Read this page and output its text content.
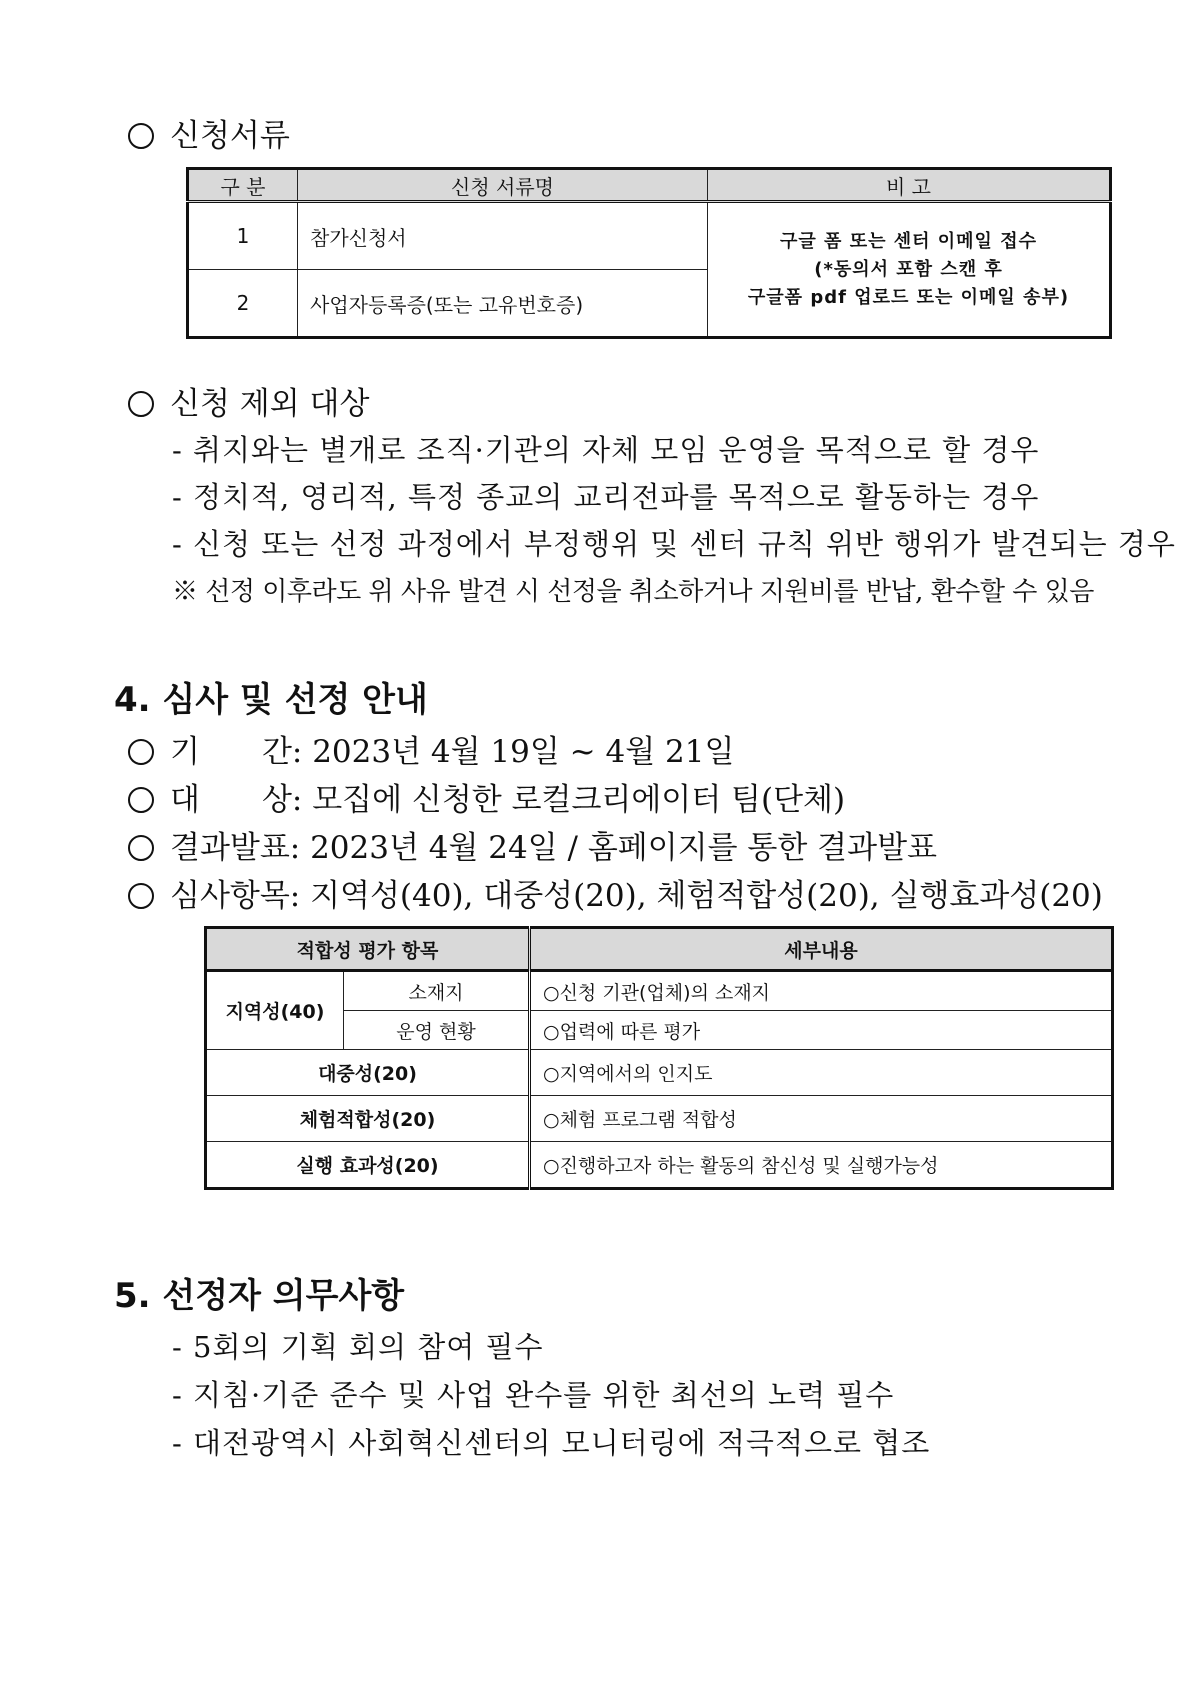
신청서류
구 분	신청 서류명	비 고
1	참가신청서	구글 폼 또는 센터 이메일 접수
(*동의서 포함 스캔 후
구글폼 pdf 업로드 또는 이메일 송부)

2	사업자등록증(또는 고유번호증)	
신청 제외 대상
- 취지와는 별개로 조직·기관의 자체 모임 운영을 목적으로 할 경우
- 정치적, 영리적, 특정 종교의 교리전파를 목적으로 활동하는 경우
- 신청 또는 선정 과정에서 부정행위 및 센터 규칙 위반 행위가 발견되는 경우
※ 선정 이후라도 위 사유 발견 시 선정을 취소하거나 지원비를 반납, 환수할 수 있음
4. 심사 및 선정 안내
기　　간: 2023년 4월 19일 ~ 4월 21일
대　　상: 모집에 신청한 로컬크리에이터 팀(단체)
결과발표: 2023년 4월 24일 / 홈페이지를 통한 결과발표
심사항목: 지역성(40), 대중성(20), 체험적합성(20), 실행효과성(20)
적합성 평가 항목		세부내용
지역성(40)	소재지	○신청 기관(업체)의 소재지
	운영 현황	○업력에 따른 평가
대중성(20)		○지역에서의 인지도
체험적합성(20)		○체험 프로그램 적합성
실행 효과성(20)		○진행하고자 하는 활동의 참신성 및 실행가능성
5. 선정자 의무사항
- 5회의 기획 회의 참여 필수
- 지침·기준 준수 및 사업 완수를 위한 최선의 노력 필수
- 대전광역시 사회혁신센터의 모니터링에 적극적으로 협조
